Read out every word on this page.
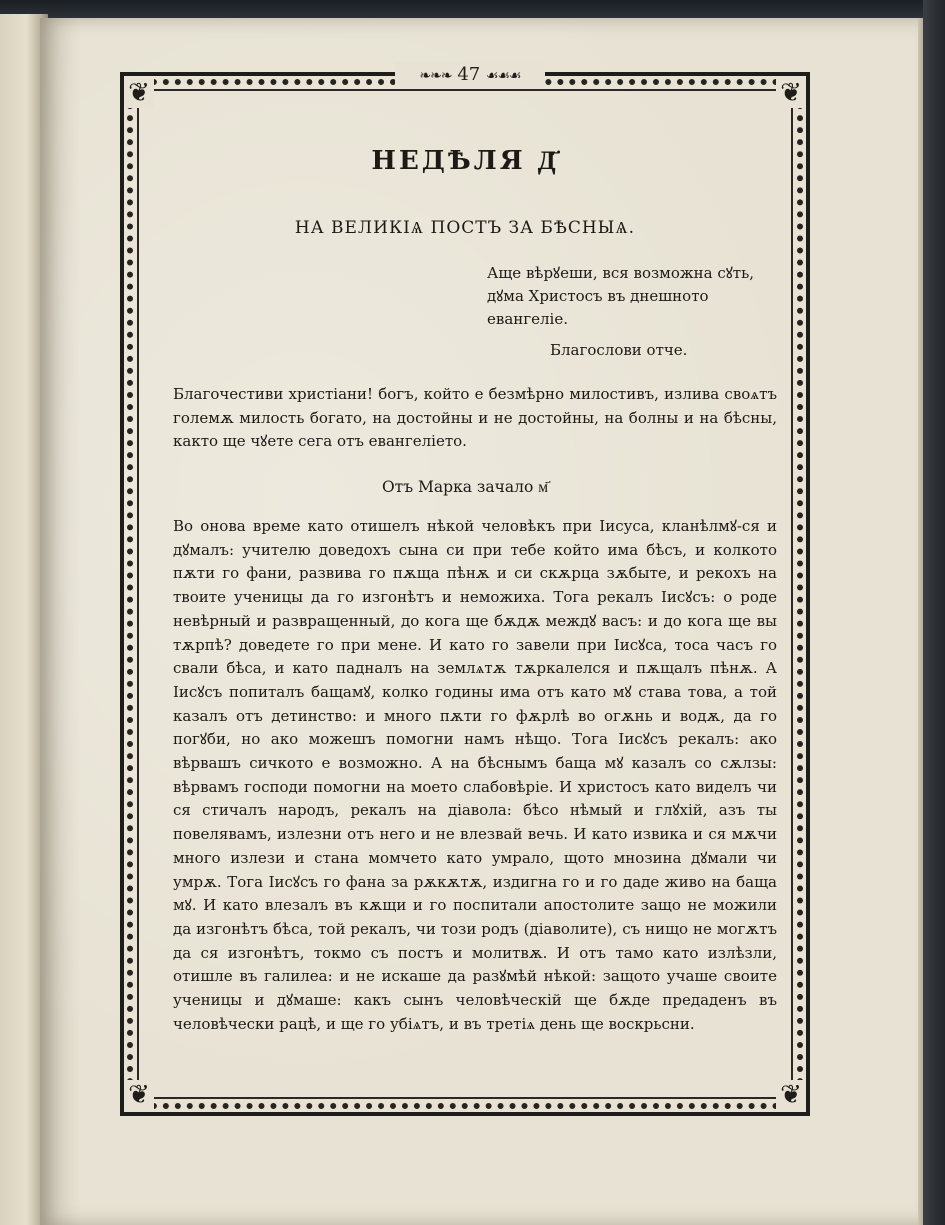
❦	❦
❦	❦
❧❧❧ 47 ☙☙☙
НЕДѢЛЯ Д҃
НА ВЕЛИКІѦ ПОСТЪ ЗА БѢСНЫѦ.
Аще вѣрꙋеши, вся возможна сꙋть, дꙋма Христосъ въ днешното евангеліе.
Благослови отче.
Благочестиви христіани! богъ, който е безмѣрно милостивъ, излива своѧтъ големѫ милость богато, на достойны и не достойны, на болны и на бѣсны, както ще чꙋете сега отъ евангеліето.
Отъ Марка зачало м҃
Во онова време като отишелъ нѣкой человѣкъ при Iисуса, кланѣлмꙋ-ся и дꙋмалъ: учителю доведохъ сына си при тебе който има бѣсъ, и колкото пѫти го фани, развива го пѫща пѣнѫ и си скѫрца зѫбыте, и рекохъ на твоите ученицы да го изгонѣтъ и неможиха. Тога рекалъ Iисꙋсъ: о роде невѣрный и развращенный, до кога ще бѫдѫ междꙋ васъ: и до кога ще вы тѫрпѣ? доведете го при мене. И като го завели при Iисꙋса, тоса часъ го свали бѣса, и като падналъ на землѧтѫ тѫркалелся и пѫщалъ пѣнѫ. А Iисꙋсъ попиталъ бащамꙋ, колко годины има отъ като мꙋ става това, а той казалъ отъ детинство: и много пѫти го фѫрлѣ во огѫнь и водѫ, да го погꙋби, но ако можешъ помогни намъ нѣщо. Тога Iисꙋсъ рекалъ: ако вѣрвашъ сичкото е возможно. А на бѣснымъ баща мꙋ казалъ со сѫлзы: вѣрвамъ господи помогни на моето слабовѣріе. И христосъ като виделъ чи ся стичалъ народъ, рекалъ на діавола: бѣсо нѣмый и глꙋхій, азъ ты повелявамъ, излезни отъ него и не влезвай вечь. И като извика и ся мѫчи много излези и стана момчето като умрало, щото мнозина дꙋмали чи умрѫ. Тога Iисꙋсъ го фана за рѫкѫтѫ, издигна го и го даде живо на баща мꙋ. И като влезалъ въ кѫщи и го поспитали апостолите защо не можили да изгонѣтъ бѣса, той рекалъ, чи този родъ (діаволите), съ нищо не могѫтъ да ся изгонѣтъ, токмо съ постъ и молитвѫ. И отъ тамо като излѣзли, отишле въ галилеа: и не искаше да разꙋмѣй нѣкой: защото учаше своите ученицы и дꙋмаше: какъ сынъ человѣческій ще бѫде предаденъ въ человѣчески рацѣ, и ще го убіѧтъ, и въ третіѧ день ще воскрьсни.
